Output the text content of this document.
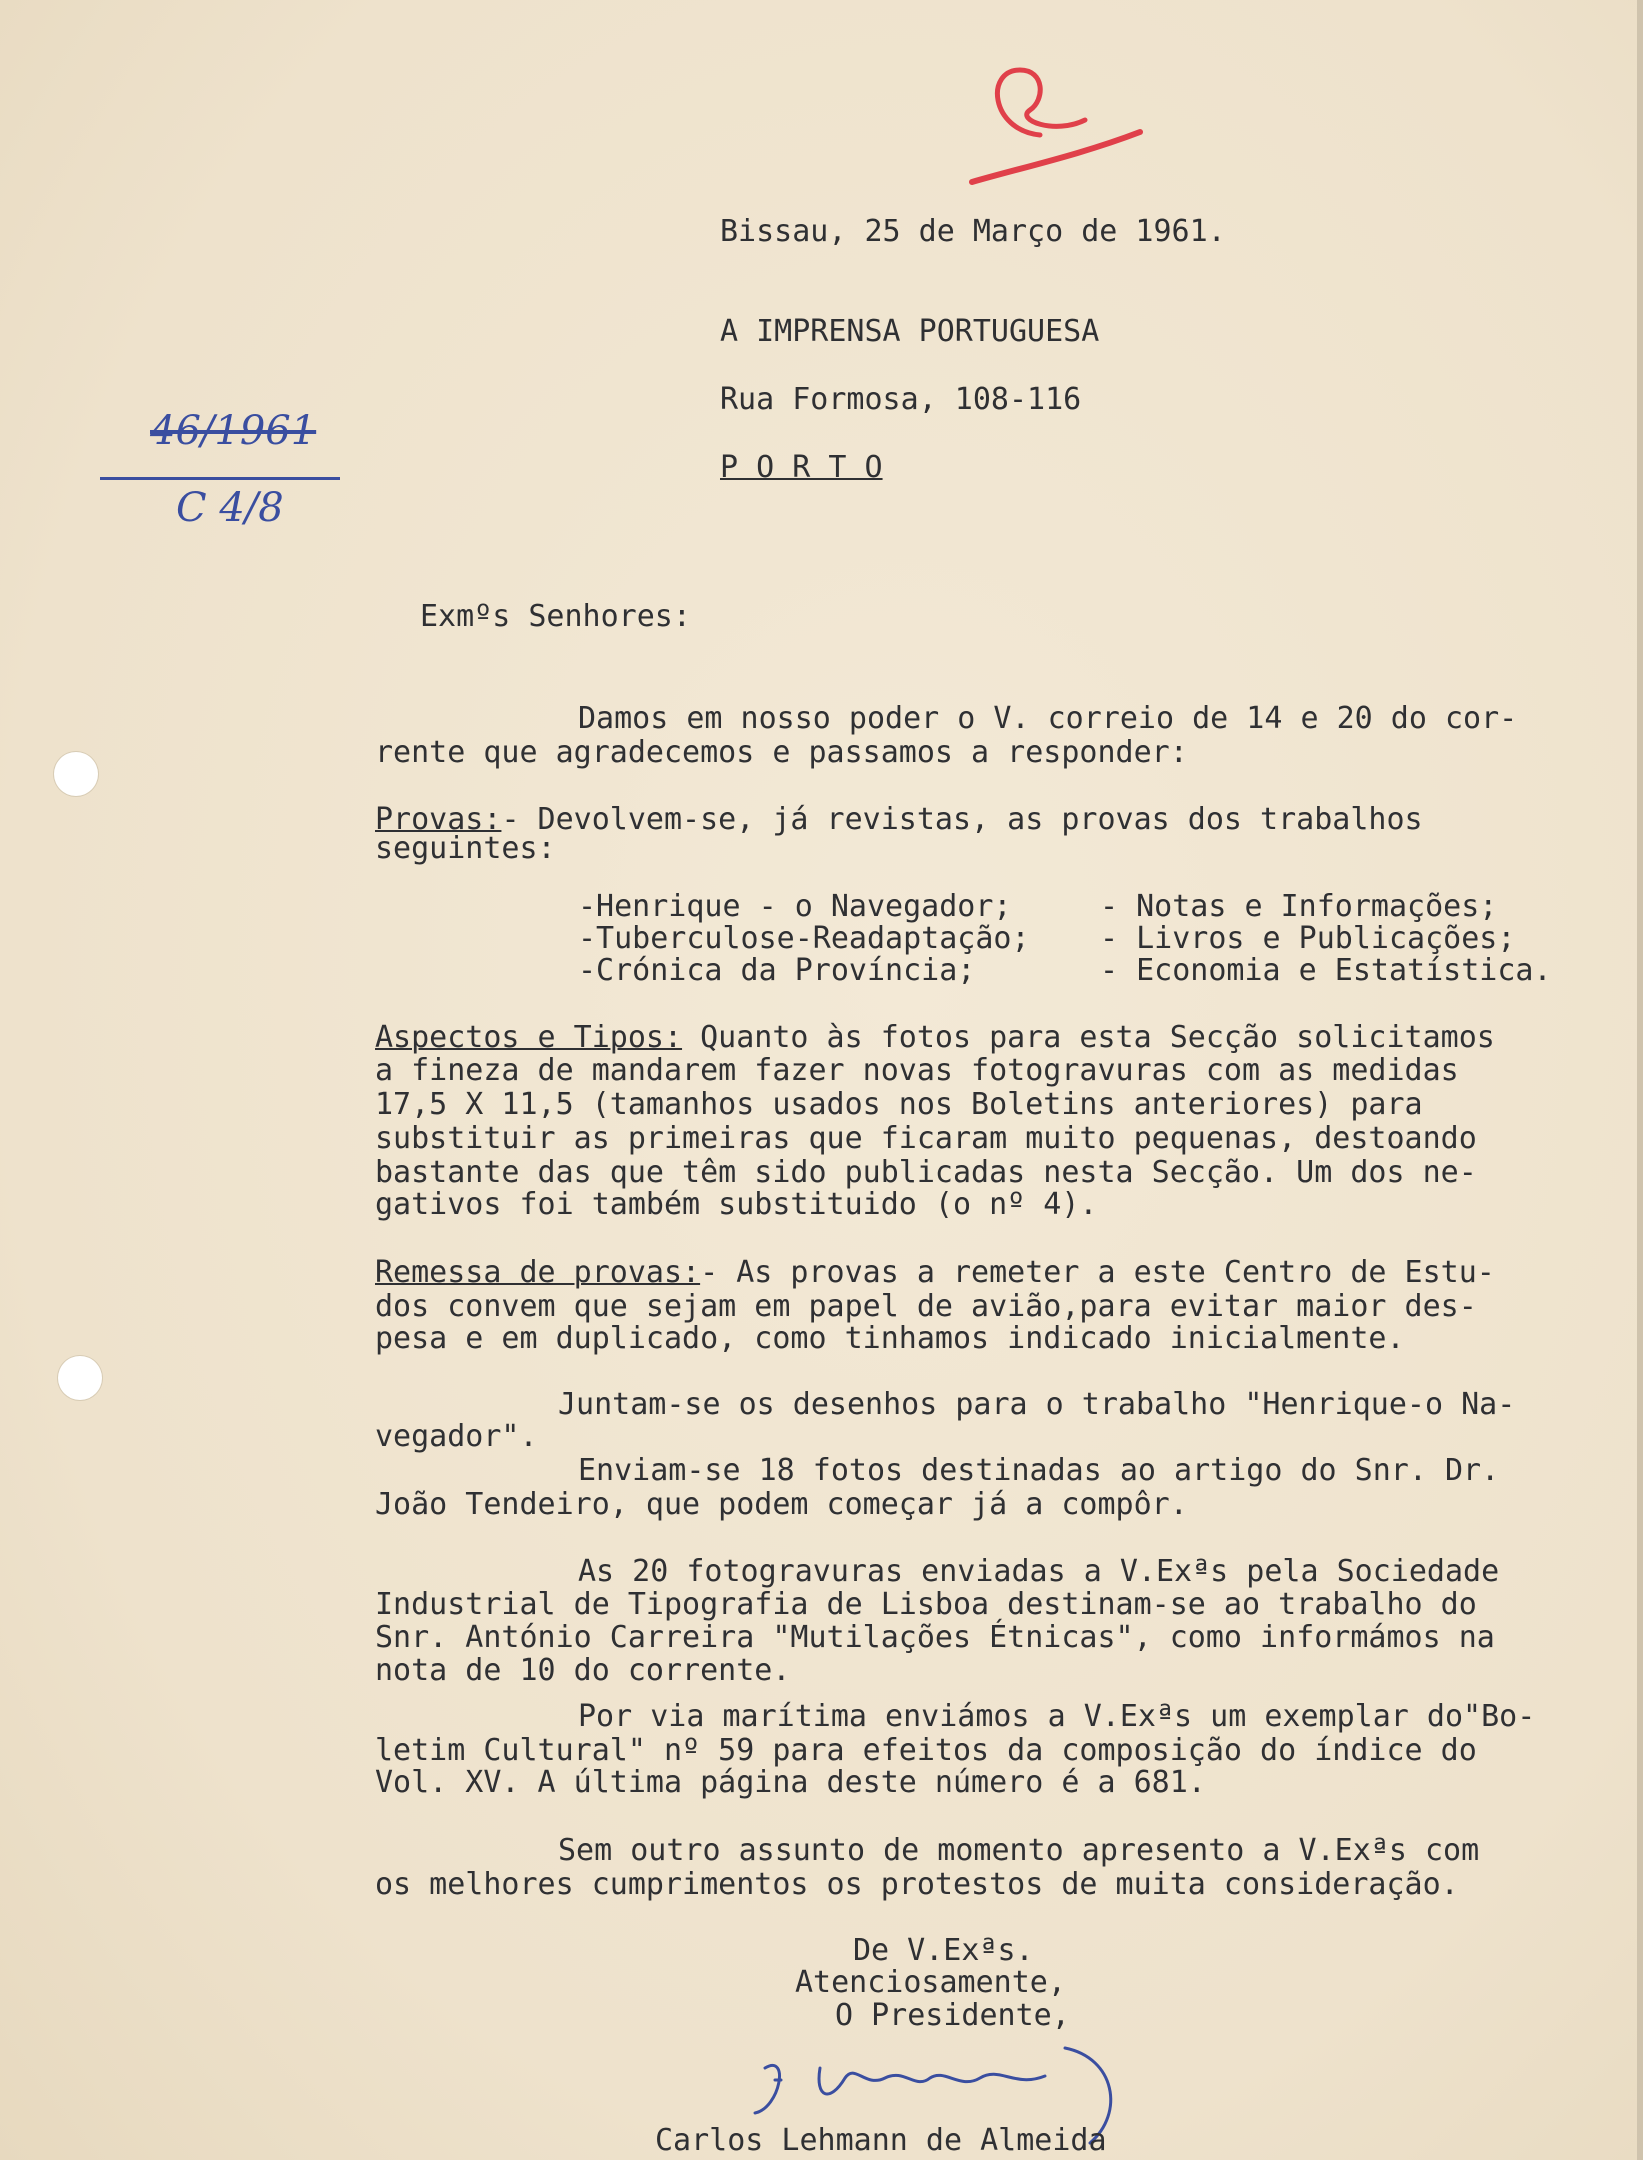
Bissau, 25 de Março de 1961.
A IMPRENSA PORTUGUESA
Rua Formosa, 108-116
P O R T O
46/1961
C 4/8
Exmºs Senhores:
Damos em nosso poder o V. correio de 14 e 20 do cor-
rente que agradecemos e passamos a responder:
Provas:- Devolvem-se, já revistas, as provas dos trabalhos
seguintes:
-Henrique - o Navegador;	- Notas e Informações;
-Tuberculose-Readaptação; - Livros e Publicações;
-Crónica da Província;	- Economia e Estatística.
Aspectos e Tipos: Quanto às fotos para esta Secção solicitamos
a fineza de mandarem fazer novas fotogravuras com as medidas
17,5 X 11,5 (tamanhos usados nos Boletins anteriores) para
substituir as primeiras que ficaram muito pequenas, destoando
bastante das que têm sido publicadas nesta Secção. Um dos ne-
gativos foi também substituido (o nº 4).
Remessa de provas:- As provas a remeter a este Centro de Estu-
dos convem que sejam em papel de avião,para evitar maior des-
pesa e em duplicado, como tinhamos indicado inicialmente.
Juntam-se os desenhos para o trabalho "Henrique-o Na-
vegador".
Enviam-se 18 fotos destinadas ao artigo do Snr. Dr.
João Tendeiro, que podem começar já a compôr.
As 20 fotogravuras enviadas a V.Exªs pela Sociedade
Industrial de Tipografia de Lisboa destinam-se ao trabalho do
Snr. António Carreira "Mutilações Étnicas", como informámos na
nota de 10 do corrente.
Por via marítima enviámos a V.Exªs um exemplar do"Bo-
letim Cultural" nº 59 para efeitos da composição do índice do
Vol. XV. A última página deste número é a 681.
Sem outro assunto de momento apresento a V.Exªs com
os melhores cumprimentos os protestos de muita consideração.
De V.Exªs.
Atenciosamente,
O Presidente,
Carlos Lehmann de Almeida
